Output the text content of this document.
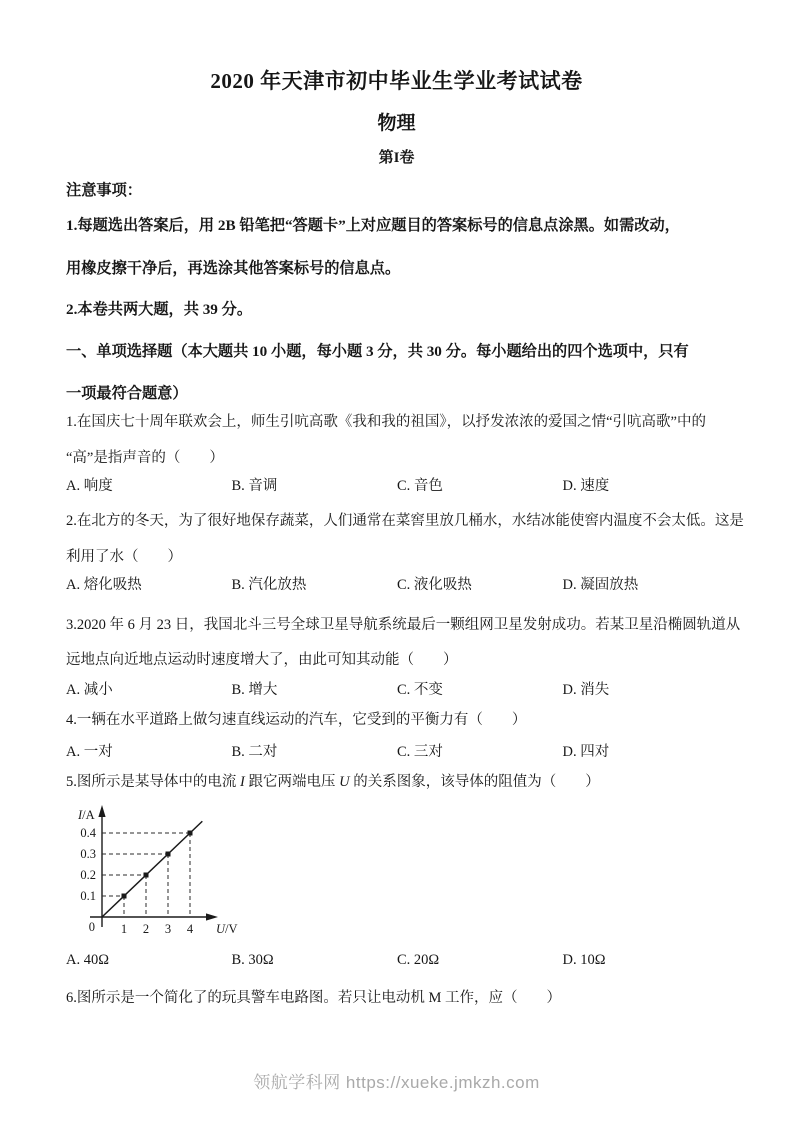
2020 年天津市初中毕业生学业考试试卷
物理
第I卷
注意事项：
1.每题选出答案后，用 2B 铅笔把“答题卡”上对应题目的答案标号的信息点涂黑。如需改动，
用橡皮擦干净后，再选涂其他答案标号的信息点。
2.本卷共两大题，共 39 分。
一、单项选择题（本大题共 10 小题，每小题 3 分，共 30 分。每小题给出的四个选项中，只有
一项最符合题意）
1.在国庆七十周年联欢会上，师生引吭高歌《我和我的祖国》，以抒发浓浓的爱国之情“引吭高歌”中的
“高”是指声音的（　　）
A. 响度	B. 音调	C. 音色	D. 速度
2.在北方的冬天，为了很好地保存蔬菜，人们通常在菜窖里放几桶水，水结冰能使窖内温度不会太低。这是
利用了水（　　）
A. 熔化吸热	B. 汽化放热	C. 液化吸热	D. 凝固放热
3.2020 年 6 月 23 日，我国北斗三号全球卫星导航系统最后一颗组网卫星发射成功。若某卫星沿椭圆轨道从
远地点向近地点运动时速度增大了，由此可知其动能（　　）
A. 减小	B. 增大	C. 不变	D. 消失
4.一辆在水平道路上做匀速直线运动的汽车，它受到的平衡力有（　　）
A. 一对	B. 二对	C. 三对	D. 四对
5.图所示是某导体中的电流 I 跟它两端电压 U 的关系图象，该导体的阻值为（　　）
0.1
0.2
0.3
0.4
1 2 3 4
0
I/A
U/V
A. 40Ω	B. 30Ω	C. 20Ω	D. 10Ω
6.图所示是一个简化了的玩具警车电路图。若只让电动机 M 工作，应（　　）
领航学科网 https://xueke.jmkzh.com
